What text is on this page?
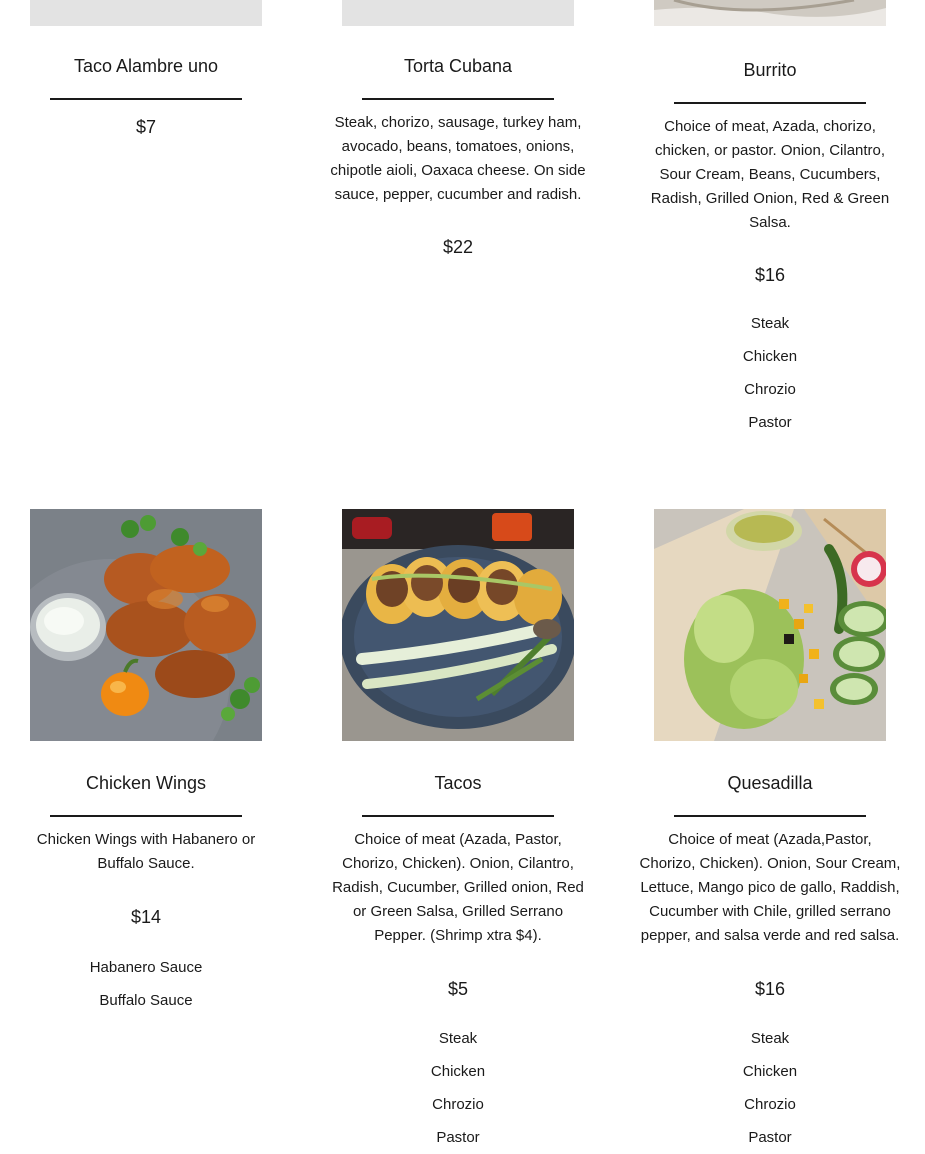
Taco Alambre uno
$7
Torta Cubana
Steak, chorizo, sausage, turkey ham, avocado, beans, tomatoes, onions, chipotle aioli, Oaxaca cheese. On side sauce, pepper, cucumber and radish.
$22
Burrito
Choice of meat, Azada, chorizo, chicken, or pastor. Onion, Cilantro, Sour Cream, Beans, Cucumbers, Radish, Grilled Onion, Red & Green Salsa.
$16
Steak
Chicken
Chrozio
Pastor
Chicken Wings
Chicken Wings with Habanero or Buffalo Sauce.
$14
Habanero Sauce
Buffalo Sauce
Tacos
Choice of meat (Azada, Pastor, Chorizo, Chicken). Onion, Cilantro, Radish, Cucumber, Grilled onion, Red or Green Salsa, Grilled Serrano Pepper. (Shrimp xtra $4).
$5
Steak
Chicken
Chrozio
Pastor
Quesadilla
Choice of meat (Azada,Pastor, Chorizo, Chicken). Onion, Sour Cream, Lettuce, Mango pico de gallo, Raddish, Cucumber with Chile, grilled serrano pepper, and salsa verde and red salsa.
$16
Steak
Chicken
Chrozio
Pastor
